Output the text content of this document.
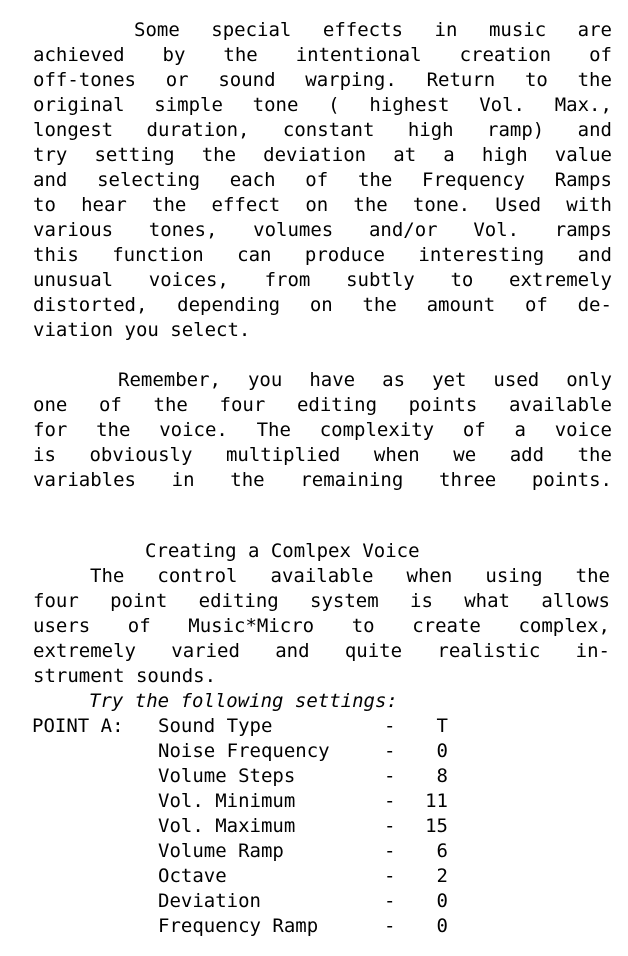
Some special effects in music are
achieved by the intentional creation of
off-tones or sound warping. Return to the
original simple tone ( highest Vol. Max.,
longest duration, constant high ramp) and
try setting the deviation at a high value
and selecting each of the Frequency Ramps
to hear the effect on the tone. Used with
various tones, volumes and/or Vol. ramps
this function can produce interesting and
unusual voices, from subtly to extremely
distorted, depending on the amount of de-
viation you select.
Remember, you have as yet used only
one of the four editing points available
for the voice. The complexity of a voice
is obviously multiplied when we add the
variables in the remaining three points.
Creating a Comlpex Voice
The control available when using the
four point editing system is what allows
users of Music*Micro to create complex,
extremely varied and quite realistic in-
strument sounds.
Try the following settings:
POINT A: Sound Type	-	T
Noise Frequency	-	0
Volume Steps	-	8
Vol. Minimum	-	11
Vol. Maximum	-	15
Volume Ramp	-	6
Octave	-	2
Deviation	-	0
Frequency Ramp	-	0
